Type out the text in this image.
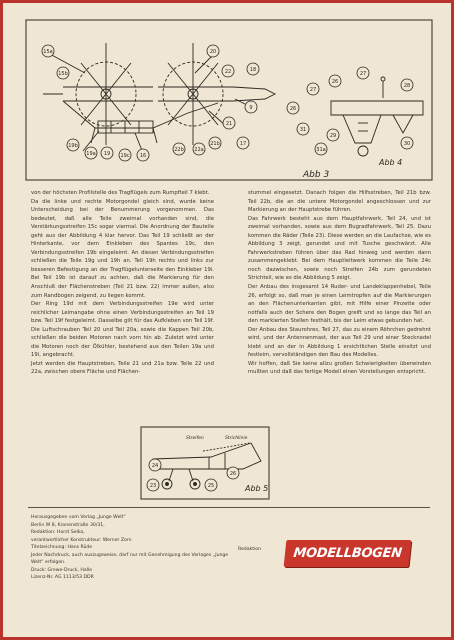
15a
15b
19b
19a 19 19c 16
20
22
21
21b
22a
22b
9
18
17
26
27
31
31a
26
27
28
29
30
23
24
25
26
Abb 3
Abb 4
Abb 5
Streifen	Strichlinie

von der höchsten Profilstelle des Tragflügels zum Rumpfteil 7 klebt.

Da die linke und rechte Motorgondel gleich sind, wurde keine Unterscheidung bei der Benummerung vorgenommen. Das bedeutet, daß alle Teile zweimal vorhanden sind, die Verstärkungsstreifen 15c sogar viermal. Die Anordnung der Bauteile geht aus der Abbildung 4 klar hervor. Das Teil 19 schließt an der Hinterkante, vor dem Einkleben des Spantes 19c, den Verbindungsstreifen 19b eingeleimt. An diesen Verbindungsstreifen schließen die Teile 19g und 19h an. Teil 19h rechts und links zur besseren Befestigung an der Tragflügelunterseite den Einkleber 19i. Bei Teil 19b ist darauf zu achten, daß die Markierung für den Anschluß der Flächenstreben (Teil 21 bzw. 22) immer außen, also zum Randbogen zeigend, zu liegen kommt.

Der Ring 19d mit dem Verbindungsstreifen 19e wird unter reichlicher Leimangabe ohne einen Verbindungsstreifen an Teil 19 bzw. Teil 19f festgeleimt. Dasselbe gilt für das Aufkleben von Teil 19f.

Die Luftschrauben Teil 20 und Teil 20a, sowie die Kappen Teil 20b, schließen die beiden Motoren nach vorn hin ab. Zuletzt wird unter die Motoren noch der Ölkühler, bestehend aus den Teilen 19a und 19i, angebracht.

Jetzt werden die Hauptstreben, Teile 21 und 21a bzw. Teile 22 und 22a, zwischen obere Fläche und Flächen-

stummel eingesetzt. Danach folgen die Hilfsstreben, Teil 21b bzw. Teil 22b, die an die untere Motorgondel angeschlossen und zur Markierung an der Hauptstrebe führen.

Das Fahrwerk besteht aus dem Hauptfahrwerk, Teil 24, und ist zweimal vorhanden, sowie aus dem Bugradfahrwerk, Teil 25. Dazu kommen die Räder (Teile 23). Diese werden an die Laufachse, wie es Abbildung 3 zeigt, gerundet und mit Tusche geschwärzt. Alle Fahrwerkstreben führen über das Rad hinweg und werden dann zusammengeklebt. Bei dem Hauptleitwerk kommen die Teile 24c noch dazwischen, sowie noch Streifen 24b zum gerundeten Strichteil, wie es die Abbildung 5 zeigt.

Der Anbau des insgesamt 14 Ruder- und Landeklappenhebel, Teile 26, erfolgt so, daß man je einen Leimtropfen auf die Markierungen an den Flächenunterkanten gibt, mit Hilfe einer Pinzette oder notfalls auch der Schere den Bogen greift und so lange das Teil an den markierten Stellen festhält, bis der Leim etwas gebunden hat.

Der Anbau des Staurohres, Teil 27, das zu einem Röhrchen gedrehnt wird, und der Antennenmast, der aus Teil 29 und einer Stecknadel klebt und an der in Abbildung 1 ersichtlichen Stelle einsitzt und festleim, vervollständigen den Bau des Modelles.

Wir hoffen, daß Sie keine allzu großen Schwierigkeiten überwinden mußten und daß das fertige Modell einen Vorstellungen entspricht.

Herausgegeben vom Verlag „Junge Welt“
Berlin W 8, Kronenstraße 30/31,
Redaktion: Horst Selka,
verantwortlicher Konstrukteur: Werner Zorn
Titelzeichnung: Hans Rüde
Jeder Nachdruck, auch auszugsweise, darf nur mit Genehmigung des Verlages „Junge Welt“ erfolgen.
Druck: Grewe-Druck, Halle
Lizenz-Nr. AG 1113/53 DDR
Redaktion	MODELLBOGEN
